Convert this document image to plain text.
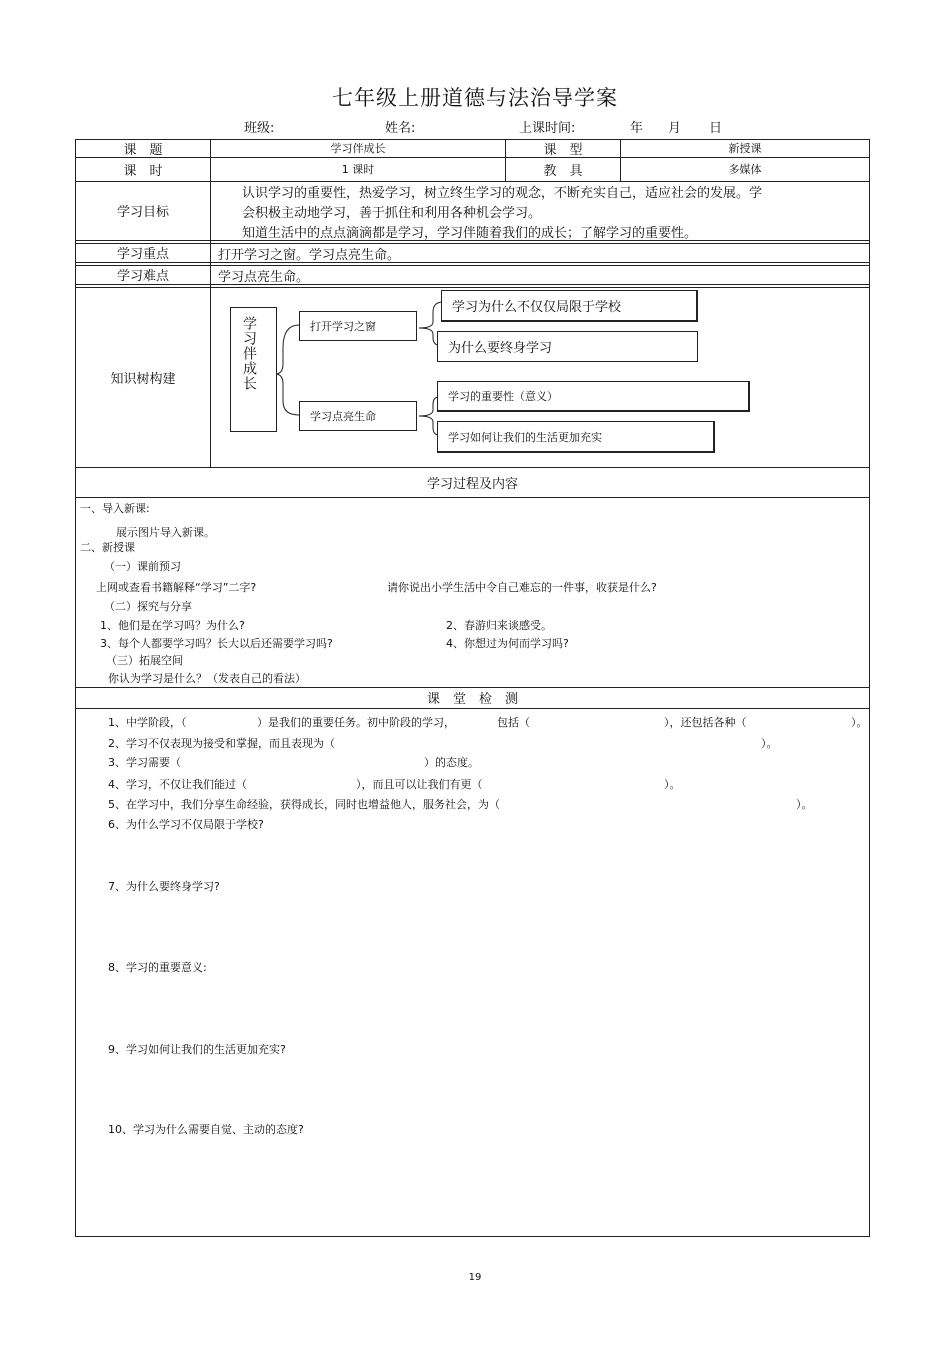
七年级上册道德与法治导学案
班级:	姓名:	上课时间:	年 月 日
课　题	学习伴成长	课　型	新授课
课　时	1 课时	教　具	多媒体
学习目标
认识学习的重要性，热爱学习，树立终生学习的观念，不断充实自己，适应社会的发展。学
会积极主动地学习，善于抓住和利用各种机会学习。
知道生活中的点点滴滴都是学习，学习伴随着我们的成长；了解学习的重要性。
学习重点	打开学习之窗。学习点亮生命。
学习难点	学习点亮生命。
知识树构建	学习伴成长	打开学习之窗
学习点亮生命
学习为什么不仅仅局限于学校
为什么要终身学习
学习的重要性（意义）
学习如何让我们的生活更加充实
学习过程及内容
一、导入新课:
展示图片导入新课。
二、新授课
（一）课前预习
上网或查看书籍解释“学习”二字?	请你说出小学生活中令自己难忘的一件事，收获是什么?
（二）探究与分享
1、他们是在学习吗？为什么?	2、春游归来谈感受。
3、每个人都要学习吗？长大以后还需要学习吗?	4、你想过为何而学习吗?
（三）拓展空间
你认为学习是什么？（发表自己的看法）
课　堂　检　测
1、中学阶段，（	）是我们的重要任务。初中阶段的学习，	包括（	），还包括各种（	）。
2、学习不仅表现为接受和掌握，而且表现为（	）。
3、学习需要（	）的态度。
4、学习，不仅让我们能过（	），而且可以让我们有更（	）。
5、在学习中，我们分享生命经验，获得成长，同时也增益他人，服务社会，为（	）。
6、为什么学习不仅局限于学校?
7、为什么要终身学习?
8、学习的重要意义:
9、学习如何让我们的生活更加充实?
10、学习为什么需要自觉、主动的态度?
19
